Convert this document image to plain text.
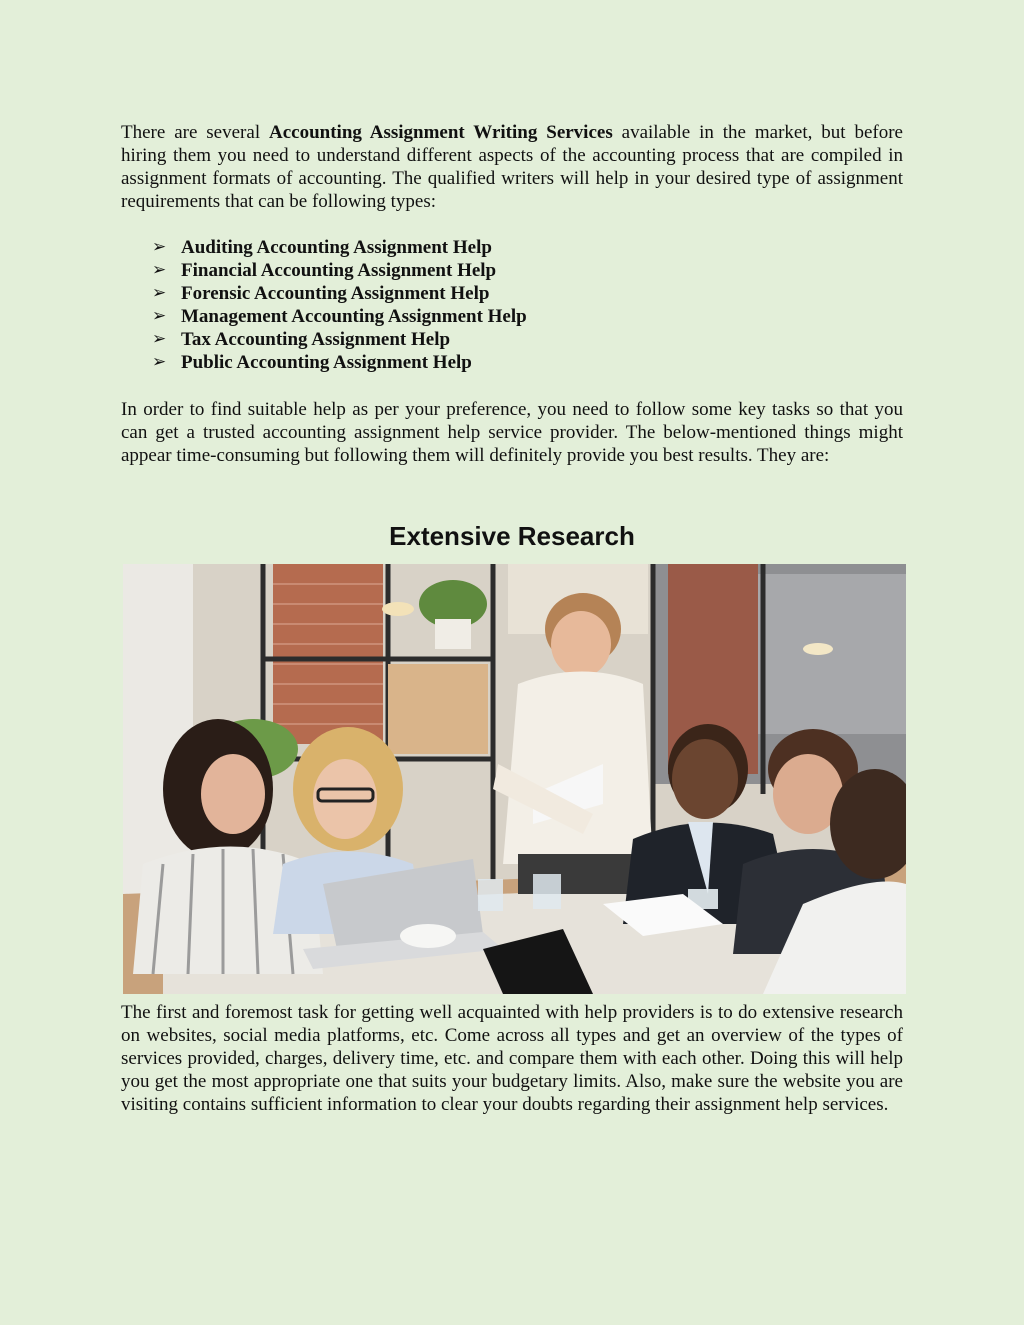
There are several Accounting Assignment Writing Services available in the market, but before hiring them you need to understand different aspects of the accounting process that are compiled in assignment formats of accounting. The qualified writers will help in your desired type of assignment requirements that can be following types:

➢ Auditing Accounting Assignment Help
➢ Financial Accounting Assignment Help
➢ Forensic Accounting Assignment Help
➢ Management Accounting Assignment Help
➢ Tax Accounting Assignment Help
➢ Public Accounting Assignment Help

In order to find suitable help as per your preference, you need to follow some key tasks so that you can get a trusted accounting assignment help service provider. The below-mentioned things might appear time-consuming but following them will definitely provide you best results. They are:

Extensive Research

The first and foremost task for getting well acquainted with help providers is to do extensive research on websites, social media platforms, etc. Come across all types and get an overview of the types of services provided, charges, delivery time, etc. and compare them with each other. Doing this will help you get the most appropriate one that suits your budgetary limits. Also, make sure the website you are visiting contains sufficient information to clear your doubts regarding their assignment help services.
